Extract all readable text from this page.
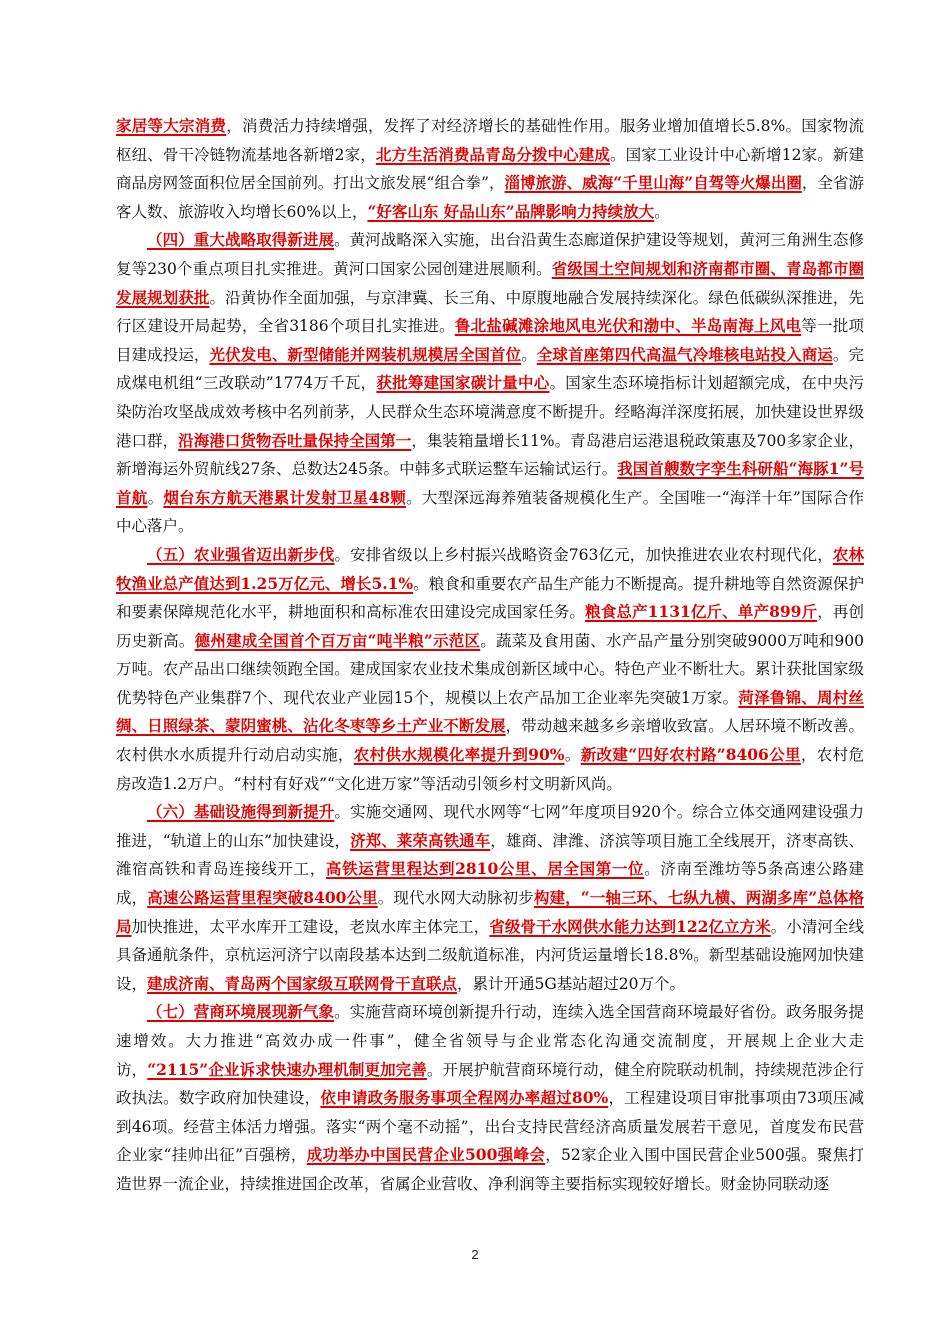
家居等大宗消费，消费活力持续增强，发挥了对经济增长的基础性作用。服务业增加值增长5.8%。国家物流枢纽、骨干冷链物流基地各新增2家，北方生活消费品青岛分拨中心建成。国家工业设计中心新增12家。新建商品房网签面积位居全国前列。打出文旅发展“组合拳”，淄博旅游、威海“千里山海”自驾等火爆出圈，全省游客人数、旅游收入均增长60%以上，“好客山东 好品山东”品牌影响力持续放大。

（四）重大战略取得新进展。黄河战略深入实施，出台沿黄生态廊道保护建设等规划，黄河三角洲生态修复等230个重点项目扎实推进。黄河口国家公园创建进展顺利。省级国土空间规划和济南都市圈、青岛都市圈发展规划获批。沿黄协作全面加强，与京津冀、长三角、中原腹地融合发展持续深化。绿色低碳纵深推进，先行区建设开局起势，全省3186个项目扎实推进。鲁北盐碱滩涂地风电光伏和渤中、半岛南海上风电等一批项目建成投运，光伏发电、新型储能并网装机规模居全国首位。全球首座第四代高温气冷堆核电站投入商运。完成煤电机组“三改联动”1774万千瓦，获批筹建国家碳计量中心。国家生态环境指标计划超额完成，在中央污染防治攻坚战成效考核中名列前茅，人民群众生态环境满意度不断提升。经略海洋深度拓展，加快建设世界级港口群，沿海港口货物吞吐量保持全国第一，集装箱量增长11%。青岛港启运港退税政策惠及700多家企业，新增海运外贸航线27条、总数达245条。中韩多式联运整车运输试运行。我国首艘数字孪生科研船“海豚1”号首航。烟台东方航天港累计发射卫星48颗。大型深远海养殖装备规模化生产。全国唯一“海洋十年”国际合作中心落户。

（五）农业强省迈出新步伐。安排省级以上乡村振兴战略资金763亿元，加快推进农业农村现代化，农林牧渔业总产值达到1.25万亿元、增长5.1%。粮食和重要农产品生产能力不断提高。提升耕地等自然资源保护和要素保障规范化水平，耕地面积和高标准农田建设完成国家任务。粮食总产1131亿斤、单产899斤，再创历史新高。德州建成全国首个百万亩“吨半粮”示范区。蔬菜及食用菌、水产品产量分别突破9000万吨和900万吨。农产品出口继续领跑全国。建成国家农业技术集成创新区域中心。特色产业不断壮大。累计获批国家级优势特色产业集群7个、现代农业产业园15个，规模以上农产品加工企业率先突破1万家。菏泽鲁锦、周村丝绸、日照绿茶、蒙阴蜜桃、沾化冬枣等乡土产业不断发展，带动越来越多乡亲增收致富。人居环境不断改善。农村供水水质提升行动启动实施，农村供水规模化率提升到90%。新改建“四好农村路”8406公里，农村危房改造1.2万户。“村村有好戏”“文化进万家”等活动引领乡村文明新风尚。

（六）基础设施得到新提升。实施交通网、现代水网等“七网”年度项目920个。综合立体交通网建设强力推进，“轨道上的山东”加快建设，济郑、莱荣高铁通车，雄商、津潍、济滨等项目施工全线展开，济枣高铁、潍宿高铁和青岛连接线开工，高铁运营里程达到2810公里、居全国第一位。济南至潍坊等5条高速公路建成，高速公路运营里程突破8400公里。现代水网大动脉初步构建，“一轴三环、七纵九横、两湖多库”总体格局加快推进，太平水库开工建设，老岚水库主体完工，省级骨干水网供水能力达到122亿立方米。小清河全线具备通航条件，京杭运河济宁以南段基本达到二级航道标准，内河货运量增长18.8%。新型基础设施网加快建设，建成济南、青岛两个国家级互联网骨干直联点，累计开通5G基站超过20万个。

（七）营商环境展现新气象。实施营商环境创新提升行动，连续入选全国营商环境最好省份。政务服务提速增效。大力推进“高效办成一件事”，健全省领导与企业常态化沟通交流制度，开展规上企业大走访，“2115”企业诉求快速办理机制更加完善。开展护航营商环境行动，健全府院联动机制，持续规范涉企行政执法。数字政府加快建设，依申请政务服务事项全程网办率超过80%，工程建设项目审批事项由73项压减到46项。经营主体活力增强。落实“两个毫不动摇”，出台支持民营经济高质量发展若干意见，首度发布民营企业家“挂帅出征”百强榜，成功举办中国民营企业500强峰会，52家企业入围中国民营企业500强。聚焦打造世界一流企业，持续推进国企改革，省属企业营收、净利润等主要指标实现较好增长。财金协同联动逐

2
